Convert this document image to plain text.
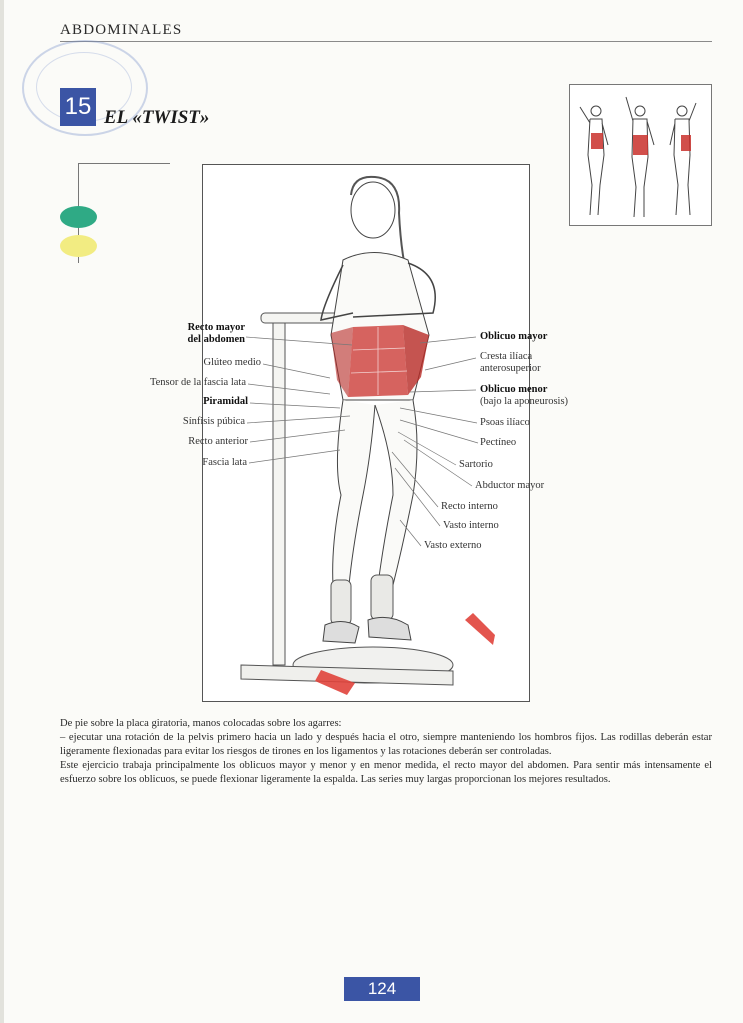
ABDOMINALES
15 EL «TWIST»
Recto mayor
del abdomen
Glúteo medio
Tensor de la fascia lata
Piramidal
Sínfisis púbica
Recto anterior
Fascia lata
Oblicuo mayor
Cresta ilíaca
anterosuperior
Oblicuo menor
(bajo la aponeurosis)
Psoas ilíaco
Pectíneo
Sartorio
Abductor mayor
Recto interno
Vasto interno
Vasto externo

De pie sobre la placa giratoria, manos colocadas sobre los agarres:

– ejecutar una rotación de la pelvis primero hacia un lado y después hacia el otro, siempre manteniendo los hombros fijos. Las rodillas deberán estar ligeramente flexionadas para evitar los riesgos de tirones en los ligamentos y las rotaciones deberán ser controladas.

Este ejercicio trabaja principalmente los oblicuos mayor y menor y en menor medida, el recto mayor del abdomen. Para sentir más intensamente el esfuerzo sobre los oblicuos, se puede flexionar ligeramente la espalda. Las series muy largas proporcionan los mejores resultados.

124
